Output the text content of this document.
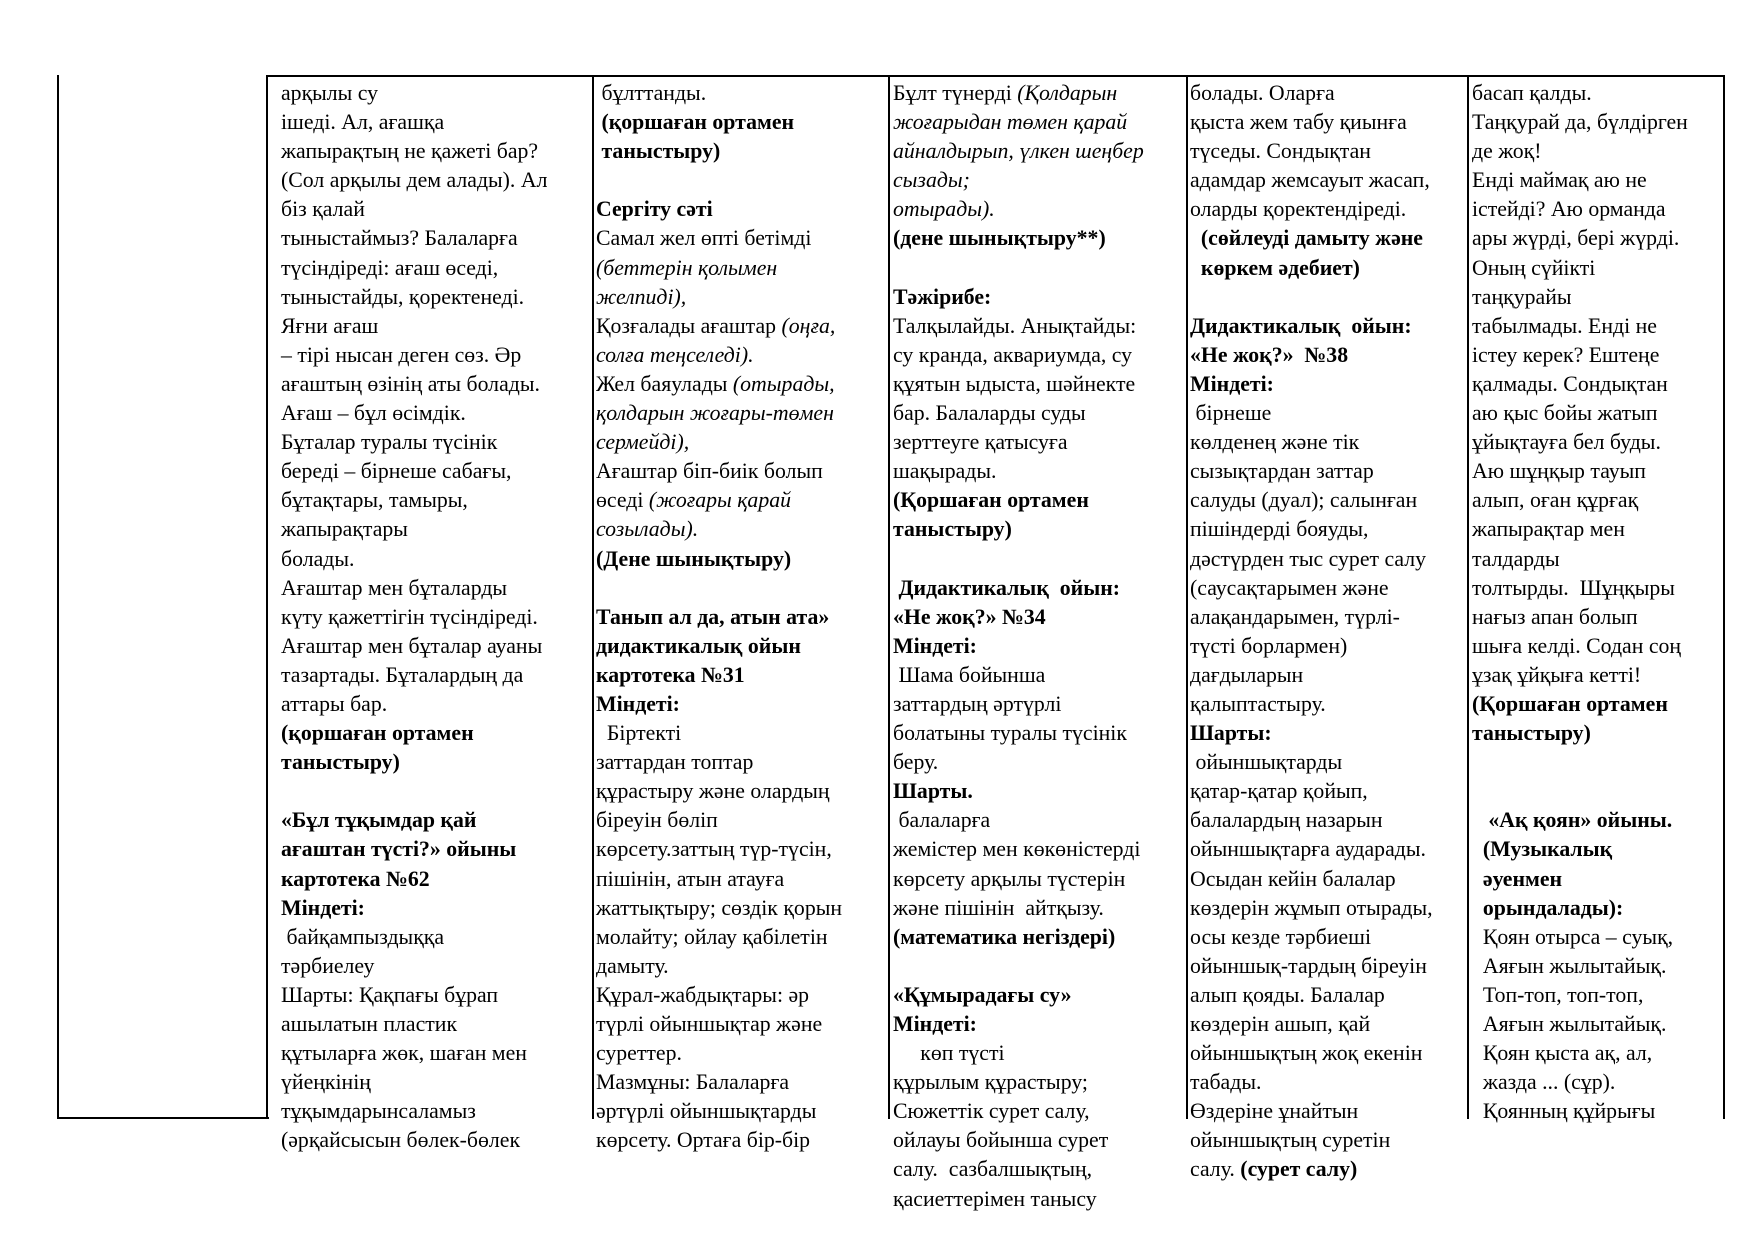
арқылы су
ішеді. Ал, ағашқа
жапырақтың не қажеті бар?
(Сол арқылы дем алады). Ал
біз қалай
тыныстаймыз? Балаларға
түсіндіреді: ағаш өседі,
тыныстайды, қоректенеді.
Яғни ағаш
– тірі нысан деген сөз. Әр
ағаштың өзінің аты болады.
Ағаш – бұл өсімдік.
Бұталар туралы түсінік
береді – бірнеше сабағы,
бұтақтары, тамыры,
жапырақтары
болады.
Ағаштар мен бұталарды
күту қажеттігін түсіндіреді.
Ағаштар мен бұталар ауаны
тазартады. Бұталардың да
аттары бар.
(қоршаған ортамен
таныстыру)
«Бұл тұқымдар қай
ағаштан түсті?» ойыны
картотека №62
Міндеті:
байқампыздыққа
тәрбиелеу
Шарты: Қақпағы бұрап
ашылатын пластик
құтыларға жөк, шаған мен
үйеңкінің
тұқымдарынсаламыз
(әрқайсысын бөлек-бөлек
бұлттанды.
(қоршаған ортамен
таныстыру)
Сергіту сәті
Самал жел өпті бетімді
(беттерін қолымен
желпиді),
Қозғалады ағаштар (оңға,
солға теңселеді).
Жел баяулады (отырады,
қолдарын жоғары-төмен
сермейді),
Ағаштар біп-биік болып
өседі (жоғары қарай
созылады).
(Дене шынықтыру)
Танып ал да, атын ата»
дидактикалық ойын
картотека №31
Міндеті:
Біртекті
заттардан топтар
құрастыру және олардың
біреуін бөліп
көрсету.заттың түр-түсін,
пішінін, атын атауға
жаттықтыру; сөздік қорын
молайту; ойлау қабілетін
дамыту.
Құрал-жабдықтары: әр
түрлі ойыншықтар және
суреттер.
Мазмұны: Балаларға
әртүрлі ойыншықтарды
көрсету. Ортаға бір-бір
Бұлт түнерді (Қолдарын
жоғарыдан төмен қарай
айналдырып, үлкен шеңбер
сызады;
отырады).
(дене шынықтыру**)
Тәжірибе:
Талқылайды. Анықтайды:
су кранда, аквариумда, су
құятын ыдыста, шәйнекте
бар. Балаларды суды
зерттеуге қатысуға
шақырады.
(Қоршаған ортамен
таныстыру)
Дидактикалық  ойын:
«Не жоқ?» №34
Міндеті:
Шама бойынша
заттардың әртүрлі
болатыны туралы түсінік
беру.
Шарты.
балаларға
жемістер мен көкөністерді
көрсету арқылы түстерін
және пішінін  айтқызу.
(математика негіздері)
«Құмырадағы су»
Міндеті:
көп түсті
құрылым құрастыру;
Сюжеттік сурет салу,
ойлауы бойынша сурет
салу.  сазбалшықтың,
қасиеттерімен танысу
болады. Оларға
қыста жем табу қиынға
түседы. Сондықтан
адамдар жемсауыт жасап,
оларды қоректендіреді.
(сөйлеуді дамыту және
көркем әдебиет)
Дидактикалық  ойын:
«Не жоқ?»  №38
Міндеті:
бірнеше
көлденең және тік
сызықтардан заттар
салуды (дуал); салынған
пішіндерді бояуды,
дәстүрден тыс сурет салу
(саусақтарымен және
алақандарымен, түрлі-
түсті борлармен)
дағдыларын
қалыптастыру.
Шарты:
ойыншықтарды
қатар-қатар қойып,
балалардың назарын
ойыншықтарға аударады.
Осыдан кейін балалар
көздерін жұмып отырады,
осы кезде тәрбиеші
ойыншық-тардың біреуін
алып қояды. Балалар
көздерін ашып, қай
ойыншықтың жоқ екенін
табады.
Өздеріне ұнайтын
ойыншықтың суретін
салу. (сурет салу)
басап қалды.
Таңқурай да, бүлдірген
де жоқ!
Енді маймақ аю не
істейді? Аю орманда
ары жүрді, бері жүрді.
Оның сүйікті
таңқурайы
табылмады. Енді не
істеу керек? Ештеңе
қалмады. Сондықтан
аю қыс бойы жатып
ұйықтауға бел буды.
Аю шұңқыр тауып
алып, оған құрғақ
жапырақтар мен
талдарды
толтырды.  Шұңқыры
нағыз апан болып
шыға келді. Содан соң
ұзақ ұйқыға кетті!
(Қоршаған ортамен
таныстыру)
«Ақ қоян» ойыны.
(Музыкалық
әуенмен
орындалады):
Қоян отырса – суық,
Аяғын жылытайық.
Топ-топ, топ-топ,
Аяғын жылытайық.
Қоян қыста ақ, ал,
жазда ... (сұр).
Қоянның құйрығы
